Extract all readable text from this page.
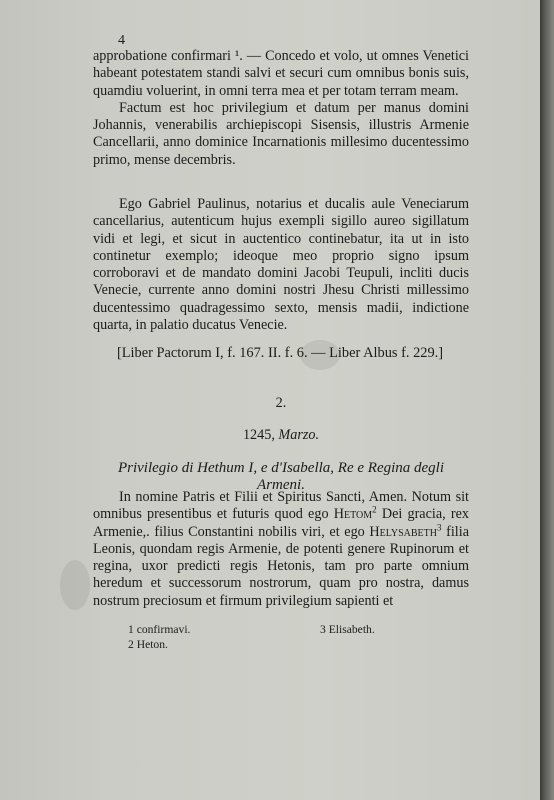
4

approbatione confirmari ¹. — Concedo et volo, ut omnes Venetici habeant potestatem standi salvi et securi cum omnibus bonis suis, quamdiu voluerint, in omni terra mea et per totam terram meam.

Factum est hoc privilegium et datum per manus domini Johannis, venerabilis archiepiscopi Sisensis, illustris Armenie Cancellarii, anno dominice Incarnationis millesimo ducentessimo primo, mense decembris.

Ego Gabriel Paulinus, notarius et ducalis aule Veneciarum cancellarius, autenticum hujus exempli sigillo aureo sigillatum vidi et legi, et sicut in auctentico continebatur, ita ut in isto continetur exemplo; ideoque meo proprio signo ipsum corroboravi et de mandato domini Jacobi Teupuli, incliti ducis Venecie, currente anno domini nostri Jhesu Christi millessimo ducentessimo quadragessimo sexto, mensis madii, indictione quarta, in palatio ducatus Venecie.

[Liber Pactorum I, f. 167. II. f. 6. — Liber Albus f. 229.]
2.
1245, Marzo.
Privilegio di Hethum I, e d'Isabella, Re e Regina degli Armeni.

In nomine Patris et Filii et Spiritus Sancti, Amen. Notum sit omnibus presentibus et futuris quod ego Hetom$^2$ Dei gracia, rex Armenie,. filius Constantini nobilis viri, et ego Helysabeth$^3$ filia Leonis, quondam regis Armenie, de potenti genere Rupinorum et regina, uxor predicti regis Hetonis, tam pro parte omnium heredum et successorum nostrorum, quam pro nostra, damus nostrum preciosum et firmum privilegium sapienti et

1 confirmavi.
2 Heton.
3 Elisabeth.
